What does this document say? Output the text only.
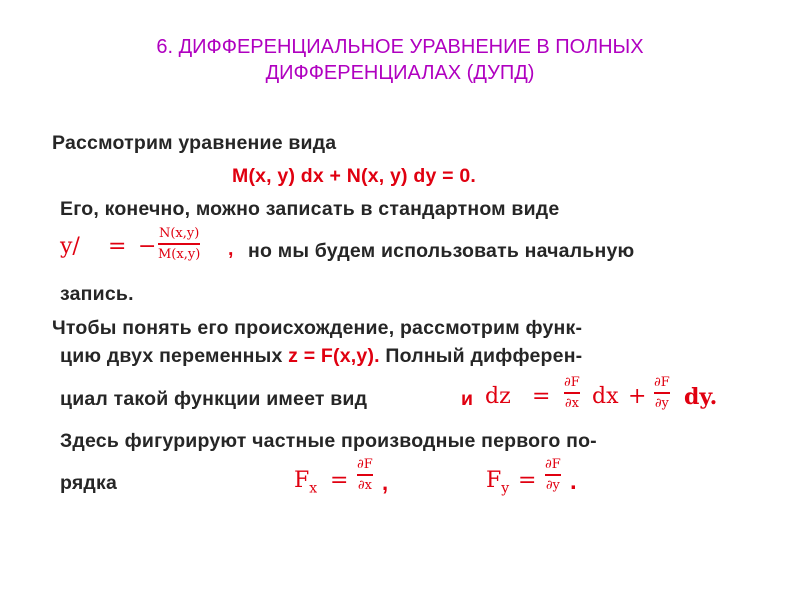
6. ДИФФЕРЕНЦИАЛЬНОЕ УРАВНЕНИЕ В ПОЛНЫХ
ДИФФЕРЕНЦИАЛАХ (ДУПД)
Рассмотрим уравнение вида
M(x, y) dx + N(x, y) dy = 0.
Его, конечно, можно записать в стандартном виде
y/ = −
N(x,y)
M(x,y) , но мы будем использовать начальную
запись.
Чтобы понять его происхождение, рассмотрим функ-
цию двух переменных z = F(x,y). Полный дифферен-
циал такой функции имеет вид	и dz =
∂F
∂x dx +
∂F
∂y dy.
Здесь фигурируют частные производные первого по-
рядка	$F_x$ =
∂F
∂x ,	$F_y$ =
∂F
∂y .
